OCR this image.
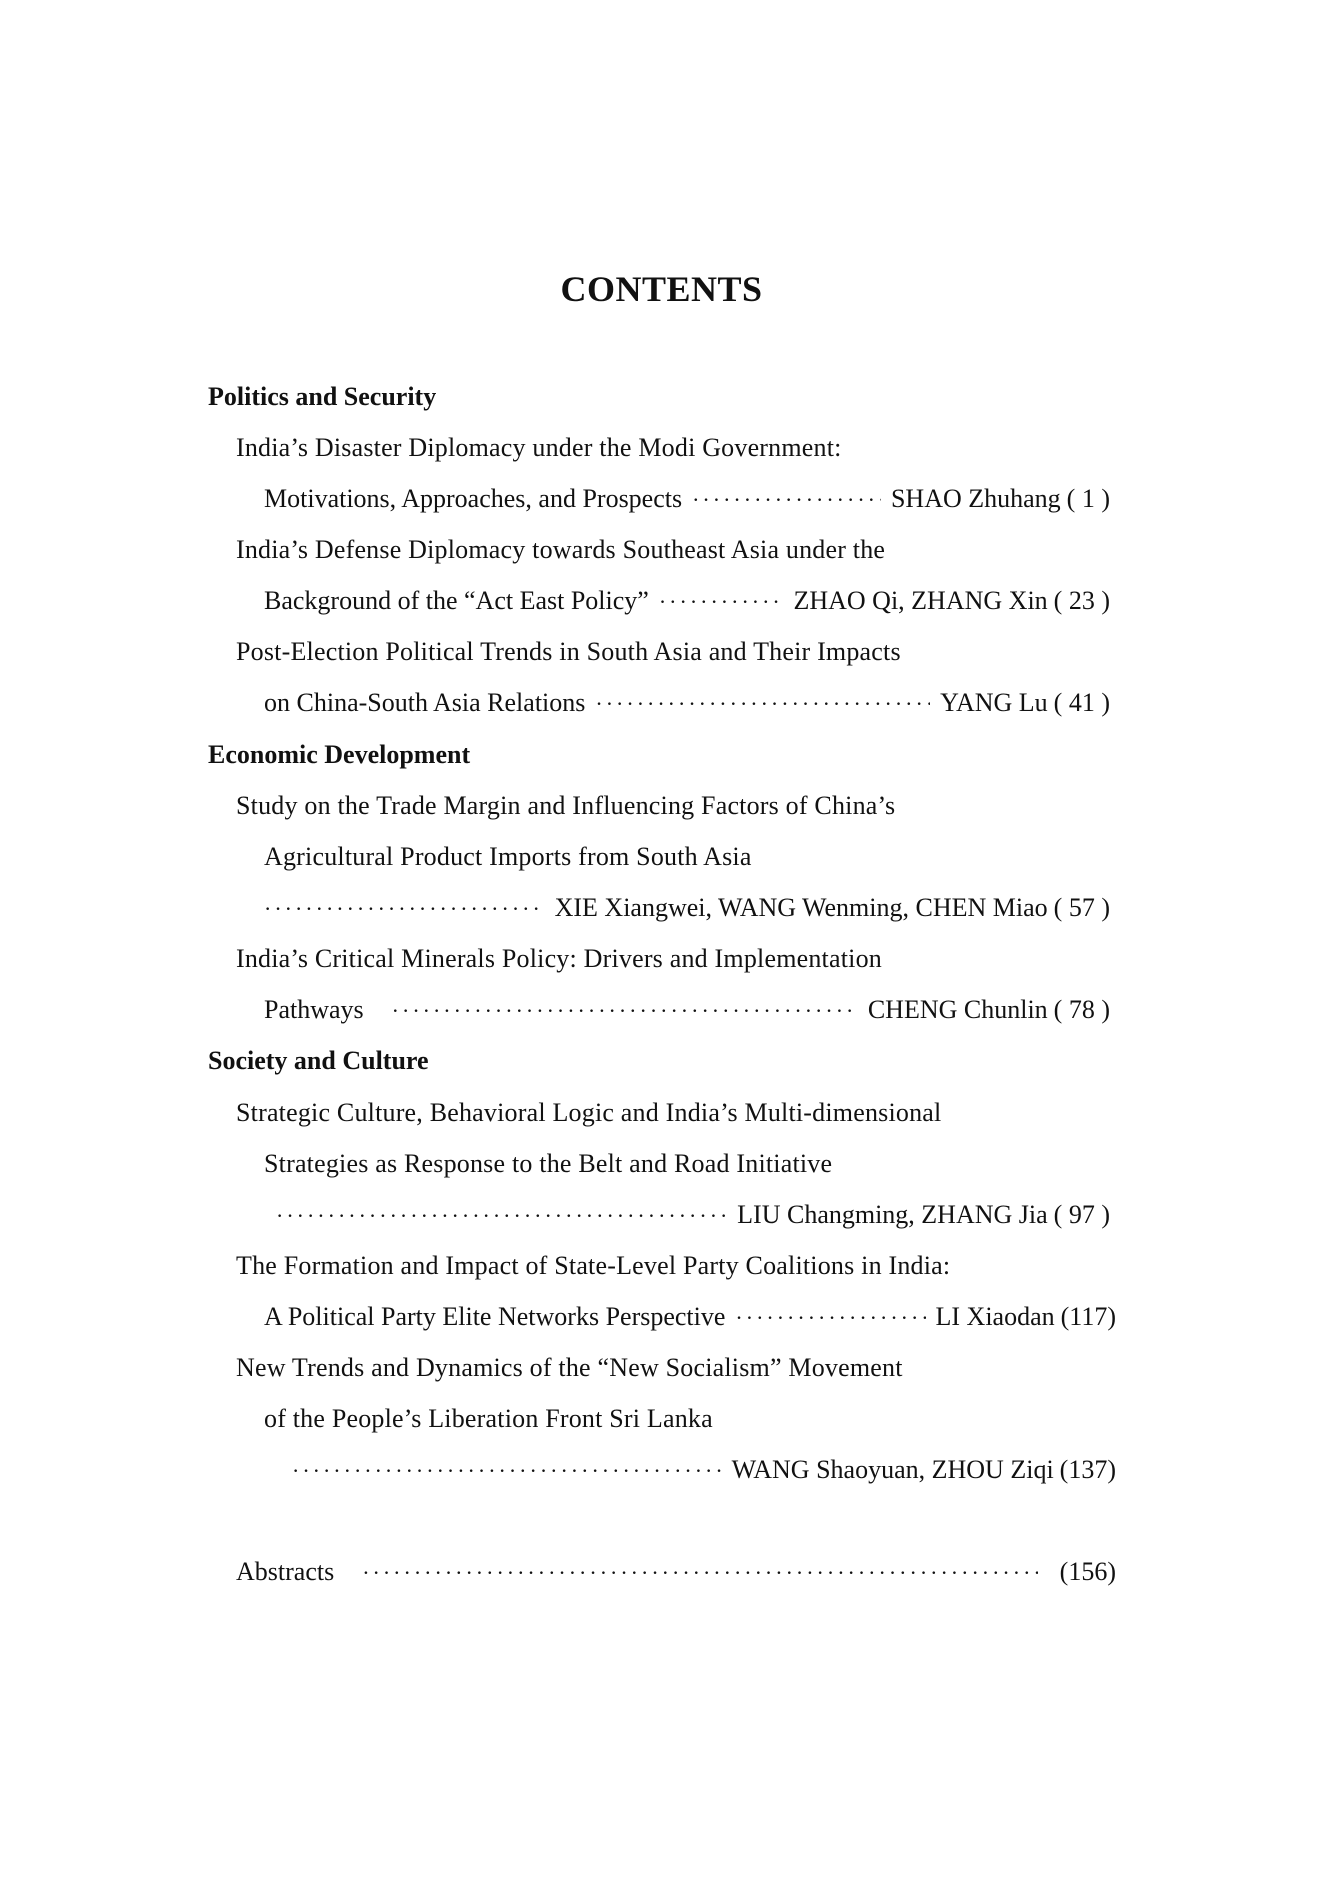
CONTENTS
Politics and Security
India’s Disaster Diplomacy under the Modi Government:
Motivations, Approaches, and Prospects ·····	SHAO Zhuhang ( 1 )
India’s Defense Diplomacy towards Southeast Asia under the
Background of the “Act East Policy” ·····	ZHAO Qi, ZHANG Xin ( 23 )
Post-Election Political Trends in South Asia and Their Impacts
on China-South Asia Relations ·····	YANG Lu ( 41 )
Economic Development
Study on the Trade Margin and Influencing Factors of China’s
Agricultural Product Imports from South Asia
·····
XIE Xiangwei, WANG Wenming, CHEN Miao ( 57 )
India’s Critical Minerals Policy: Drivers and Implementation
Pathways ·····	CHENG Chunlin ( 78 )
Society and Culture
Strategic Culture, Behavioral Logic and India’s Multi-dimensional
Strategies as Response to the Belt and Road Initiative
·····
LIU Changming, ZHANG Jia ( 97 )
The Formation and Impact of State-Level Party Coalitions in India:
A Political Party Elite Networks Perspective ·····	LI Xiaodan (117)
New Trends and Dynamics of the “New Socialism” Movement
of the People’s Liberation Front Sri Lanka
·····
WANG Shaoyuan, ZHOU Ziqi (137)
Abstracts ·····	(156)
